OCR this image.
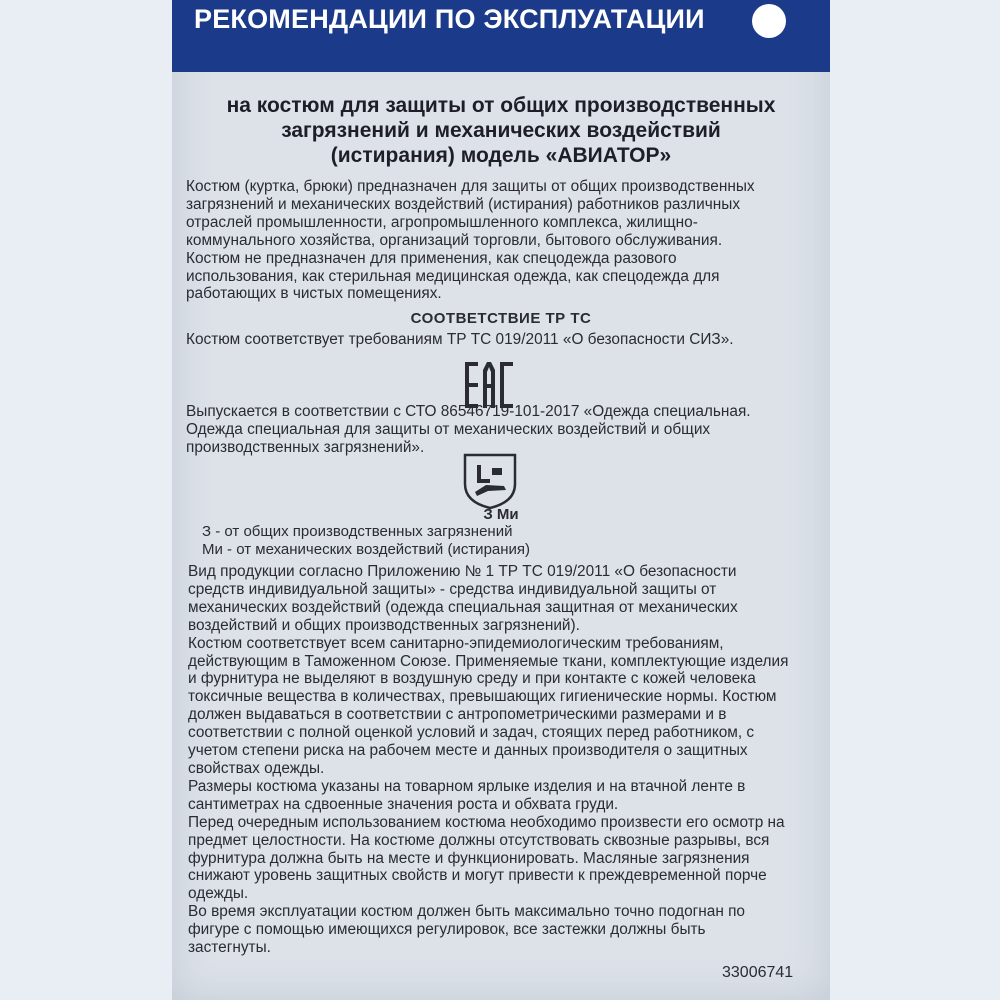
РЕКОМЕНДАЦИИ ПО ЭКСПЛУАТАЦИИ
на костюм для защиты от общих производственных
загрязнений и механических воздействий
(истирания) модель «АВИАТОР»

Костюм (куртка, брюки) предназначен для защиты от общих производственных
загрязнений и механических воздействий (истирания) работников различных
отраслей промышленности, агропромышленного комплекса, жилищно-
коммунального хозяйства, организаций торговли, бытового обслуживания.
Костюм не предназначен для применения, как спецодежда разового
использования, как стерильная медицинская одежда, как спецодежда для
работающих в чистых помещениях.

СООТВЕТСТВИЕ ТР ТС

Костюм соответствует требованиям ТР ТС 019/2011 «О безопасности СИЗ».

Выпускается в соответствии с СТО 86546719-101-2017 «Одежда специальная.
Одежда специальная для защиты от механических воздействий и общих
производственных загрязнений».

З Ми
З - от общих производственных загрязнений
Ми - от механических воздействий (истирания)

Вид продукции согласно Приложению № 1 ТР ТС 019/2011 «О безопасности
средств индивидуальной защиты» - средства индивидуальной защиты от
механических воздействий (одежда специальная защитная от механических
воздействий и общих производственных загрязнений).
Костюм соответствует всем санитарно-эпидемиологическим требованиям,
действующим в Таможенном Союзе. Применяемые ткани, комплектующие изделия
и фурнитура не выделяют в воздушную среду и при контакте с кожей человека
токсичные вещества в количествах, превышающих гигиенические нормы. Костюм
должен выдаваться в соответствии с антропометрическими размерами и в
соответствии с полной оценкой условий и задач, стоящих перед работником, с
учетом степени риска на рабочем месте и данных производителя о защитных
свойствах одежды.
Размеры костюма указаны на товарном ярлыке изделия и на втачной ленте в
сантиметрах на сдвоенные значения роста и обхвата груди.
Перед очередным использованием костюма необходимо произвести его осмотр на
предмет целостности. На костюме должны отсутствовать сквозные разрывы, вся
фурнитура должна быть на месте и функционировать. Масляные загрязнения
снижают уровень защитных свойств и могут привести к преждевременной порче
одежды.
Во время эксплуатации костюм должен быть максимально точно подогнан по
фигуре с помощью имеющихся регулировок, все застежки должны быть
застегнуты.

33006741
